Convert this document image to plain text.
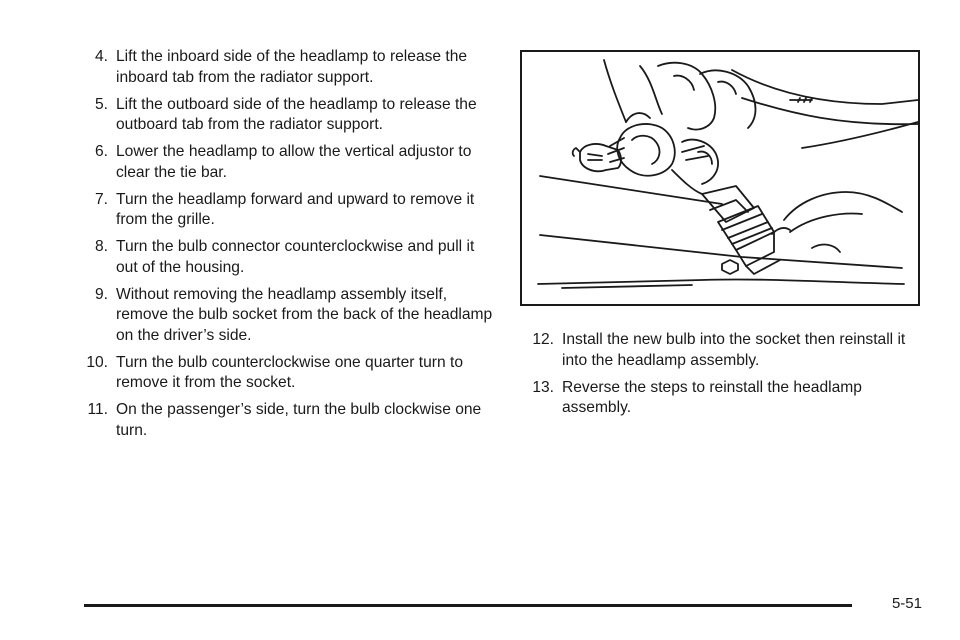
4. Lift the inboard side of the headlamp to release the inboard tab from the radiator support.
5. Lift the outboard side of the headlamp to release the outboard tab from the radiator support.
6. Lower the headlamp to allow the vertical adjustor to clear the tie bar.
7. Turn the headlamp forward and upward to remove it from the grille.
8. Turn the bulb connector counterclockwise and pull it out of the housing.
9. Without removing the headlamp assembly itself, remove the bulb socket from the back of the headlamp on the driver’s side.
10. Turn the bulb counterclockwise one quarter turn to remove it from the socket.
11. On the passenger’s side, turn the bulb clockwise one turn.
12. Install the new bulb into the socket then reinstall it into the headlamp assembly.
13. Reverse the steps to reinstall the headlamp assembly.
5-51
